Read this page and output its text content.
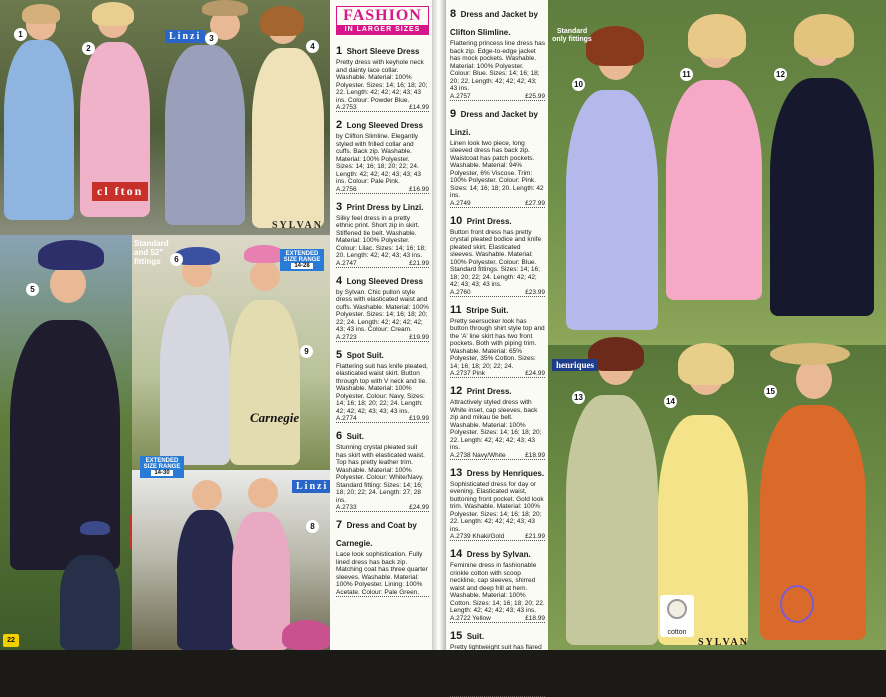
1
2
3
4
Linzi
cl fton
SYLVAN
5
Standard and 52" fittings	6
EXTENDED SIZE RANGE
14-28
9
Carnegie
EXTENDED SIZE RANGE
14-30
Linzi
8
22
FASHION
IN LARGER SIZES
1 Short Sleeve Dress
Pretty dress with keyhole neck and dainty lace collar. Washable. Material: 100% Polyester. Sizes: 14; 16; 18; 20; 22. Length: 42; 42; 42; 43; 43 ins. Colour: Powder Blue.
A.2753	£14.99
2 Long Sleeved Dress
by Clifton Slimline. Elegantly styled with frilled collar and cuffs. Back zip. Washable. Material: 100% Polyester. Sizes: 14; 16; 18; 20; 22; 24. Length: 42; 42; 42; 43; 43; 43 ins. Colour: Pale Pink.
A.2756	£16.99
3 Print Dress by Linzi.
Silky feel dress in a pretty ethnic print. Short zip in skirt. Stiffened tie belt. Washable. Material: 100% Polyester. Colour: Lilac. Sizes: 14; 16; 18; 20. Length: 42; 42; 43; 43 ins.
A.2747	£21.99
4 Long Sleeved Dress
by Sylvan. Chic pullon style dress with elasticated waist and cuffs. Washable. Material: 100% Polyester. Sizes: 14; 16; 18; 20; 22; 24. Length: 42; 42; 42; 42; 43; 43 ins. Colour: Cream.
A.2723	£19.99
5 Spot Suit.
Flattering suit has knife pleated, elasticated waist skirt. Button through top with V neck and tie. Washable. Material: 100% Polyester. Colour: Navy. Sizes: 14; 16; 18; 20; 22; 24. Length: 42; 42; 42; 43; 43; 43 ins.
A.2774	£19.99
6 Suit.
Stunning crystal pleated suit has skirt with elasticated waist. Top has pretty leather trim. Washable. Material: 100% Polyester. Colour: White/Navy. Standard fitting: Sizes: 14; 16; 18; 20; 22; 24. Length: 27; 28 ins.
A.2733	£24.99
7 Dress and Coat by Carnegie.
Lace look sophistication. Fully lined dress has back zip. Matching coat has three quarter sleeves. Washable. Material: 100% Polyester. Lining: 100% Acetate. Colour: Pale Green.
8 Dress and Jacket by Clifton Slimline.
Flattering princess line dress has back zip. Edge-to-edge jacket has mock pockets. Washable. Material: 100% Polyester. Colour: Blue. Sizes: 14; 16; 18; 20; 22. Length: 42; 42; 42; 43; 43 ins.
A.2757	£25.99
9 Dress and Jacket by Linzi.
Linen look two piece, long sleeved dress has back zip. Waistcoat has patch pockets. Washable. Material: 94% Polyester, 6% Viscose. Trim: 100% Polyester. Colour: Pink. Sizes: 14; 16; 18; 20. Length: 42 ins.
A.2749	£27.99
10 Print Dress.
Button front dress has pretty crystal pleated bodice and knife pleated skirt. Elasticated sleeves. Washable. Material: 100% Polyester. Colour: Blue. Standard fittings. Sizes: 14; 16; 18; 20; 22; 24. Length: 42; 42; 42; 43; 43; 43 ins.
A.2760	£23.99
11 Stripe Suit.
Pretty seersucker look has button through shirt style top and the 'A' line skirt has two front pockets. Both with piping trim. Washable. Material: 65% Polyester, 35% Cotton. Sizes: 14; 16; 18; 20; 22; 24.
A.2737 Pink	£24.99
12 Print Dress.
Attractively styled dress with White inset, cap sleeves, back zip and mikau tie belt. Washable. Material: 100% Polyester. Sizes: 14; 16; 18; 20; 22. Length: 42; 42; 42; 43; 43 ins.
A.2738 Navy/White	£18.99
13 Dress by Henriques.
Sophisticated dress for day or evening. Elasticated waist, buttoning front pocket. Gold look trim. Washable. Material: 100% Polyester. Sizes: 14; 16; 18; 20; 22. Length: 42; 42; 42; 43; 43 ins.
A.2739 Khaki/Gold	£21.99
14 Dress by Sylvan.
Feminine dress in fashionable crinkle cotton with scoop neckline, cap sleeves, shirred waist and deep frill at hem. Washable. Material: 100% Cotton. Sizes: 14; 16; 18; 20; 22. Length: 42; 42; 42; 43; 43 ins.
A.2722 Yellow	£18.99
15 Suit.
Pretty lightweight suit has flared skirt with elasticated waist. Blouson top has elasticated sleeves and tie neckline. Washable. Material: 100% Polyester. Sizes: 14; 16; 18; 20; 22; 24.
Standard only fittings
10
11	12
henriques
13	14
15
cotton
SYLVAN
